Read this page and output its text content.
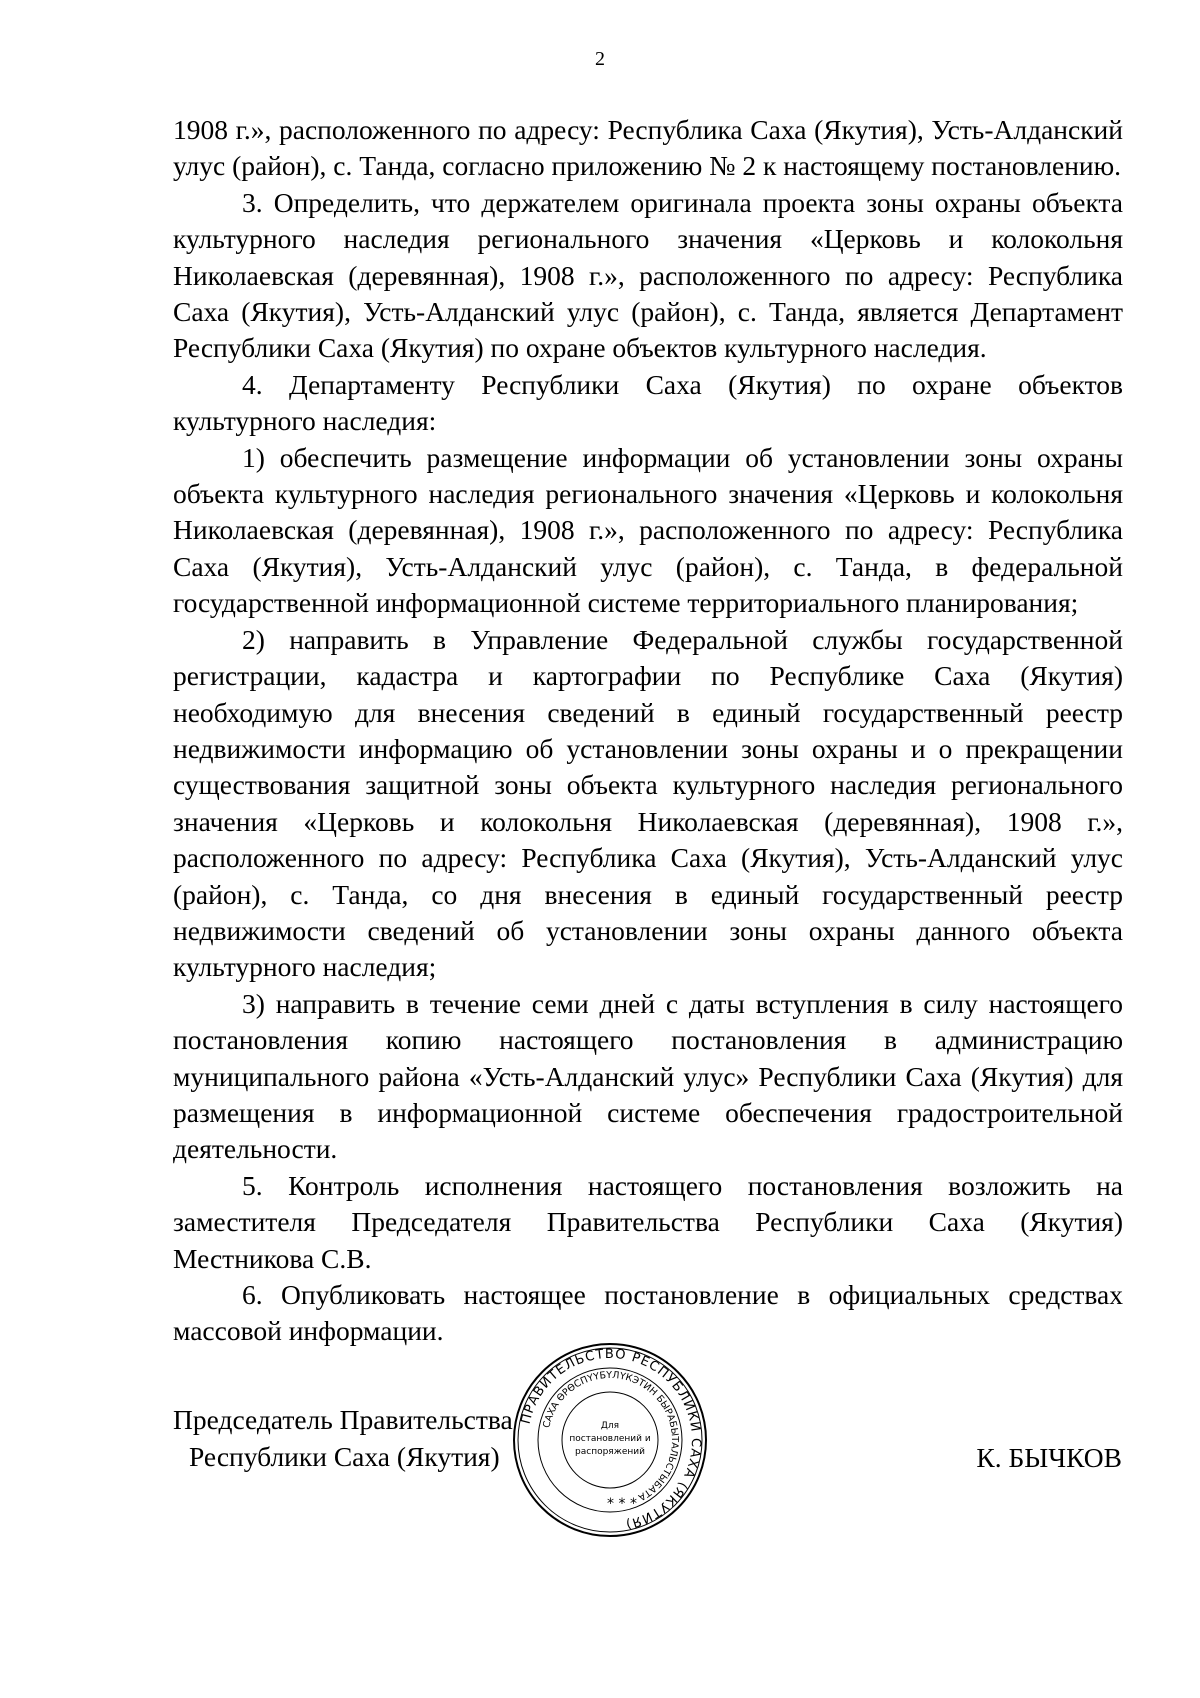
2

1908 г.», расположенного по адресу: Республика Саха (Якутия), Усть-Алданский улус (район), с. Танда, согласно приложению № 2 к настоящему постановлению.

3. Определить, что держателем оригинала проекта зоны охраны объекта культурного наследия регионального значения «Церковь и колокольня Николаевская (деревянная), 1908 г.», расположенного по адресу: Республика Саха (Якутия), Усть-Алданский улус (район), с. Танда, является Департамент Республики Саха (Якутия) по охране объектов культурного наследия.

4. Департаменту Республики Саха (Якутия) по охране объектов культурного наследия:

1) обеспечить размещение информации об установлении зоны охраны объекта культурного наследия регионального значения «Церковь и колокольня Николаевская (деревянная), 1908 г.», расположенного по адресу: Республика Саха (Якутия), Усть-Алданский улус (район), с. Танда, в федеральной государственной информационной системе территориального планирования;

2) направить в Управление Федеральной службы государственной регистрации, кадастра и картографии по Республике Саха (Якутия) необходимую для внесения сведений в единый государственный реестр недвижимости информацию об установлении зоны охраны и о прекращении существования защитной зоны объекта культурного наследия регионального значения «Церковь и колокольня Николаевская (деревянная), 1908 г.», расположенного по адресу: Республика Саха (Якутия), Усть-Алданский улус (район), с. Танда, со дня внесения в единый государственный реестр недвижимости сведений об установлении зоны охраны данного объекта культурного наследия;

3) направить в течение семи дней с даты вступления в силу настоящего постановления копию настоящего постановления в администрацию муниципального района «Усть-Алданский улус» Республики Саха (Якутия) для размещения в информационной системе обеспечения градостроительной деятельности.

5. Контроль исполнения настоящего постановления возложить на заместителя Председателя Правительства Республики Саха (Якутия) Местникова С.В.

6. Опубликовать настоящее постановление в официальных средствах массовой информации.

Председатель Правительства
Республики Саха (Якутия)	К. БЫЧКОВ
ПРАВИТЕЛЬСТВО РЕСПУБЛИКИ САХА (ЯКУТИЯ)
САХА ӨРӨСПҮҮБҮЛҮКЭТИН БЫРАБЫТАЛЬСТЫБАТА
Для
постановлений и
распоряжений
* * *
